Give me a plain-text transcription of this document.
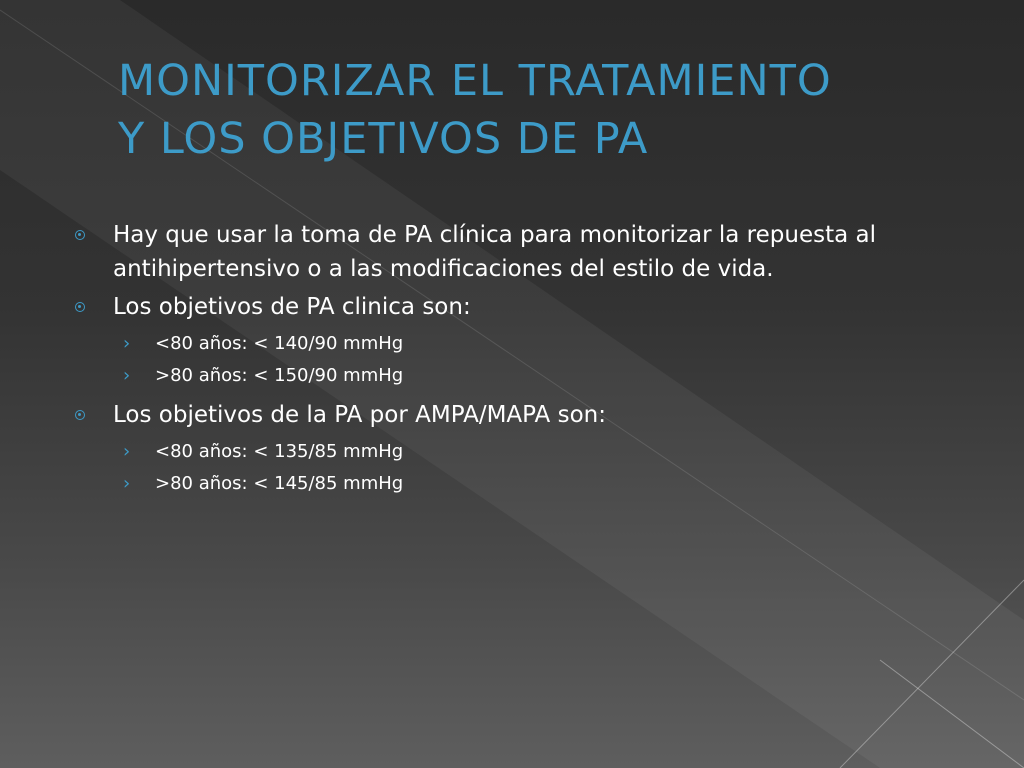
MONITORIZAR EL TRATAMIENTO
Y LOS OBJETIVOS DE PA
Hay que usar la toma de PA clínica para monitorizar la repuesta al antihipertensivo o a las modificaciones del estilo de vida.
Los objetivos de PA clinica son:
› <80 años: < 140/90 mmHg
› >80 años: < 150/90 mmHg
Los objetivos de la PA por AMPA/MAPA son:
› <80 años: < 135/85 mmHg
› >80 años: < 145/85 mmHg
